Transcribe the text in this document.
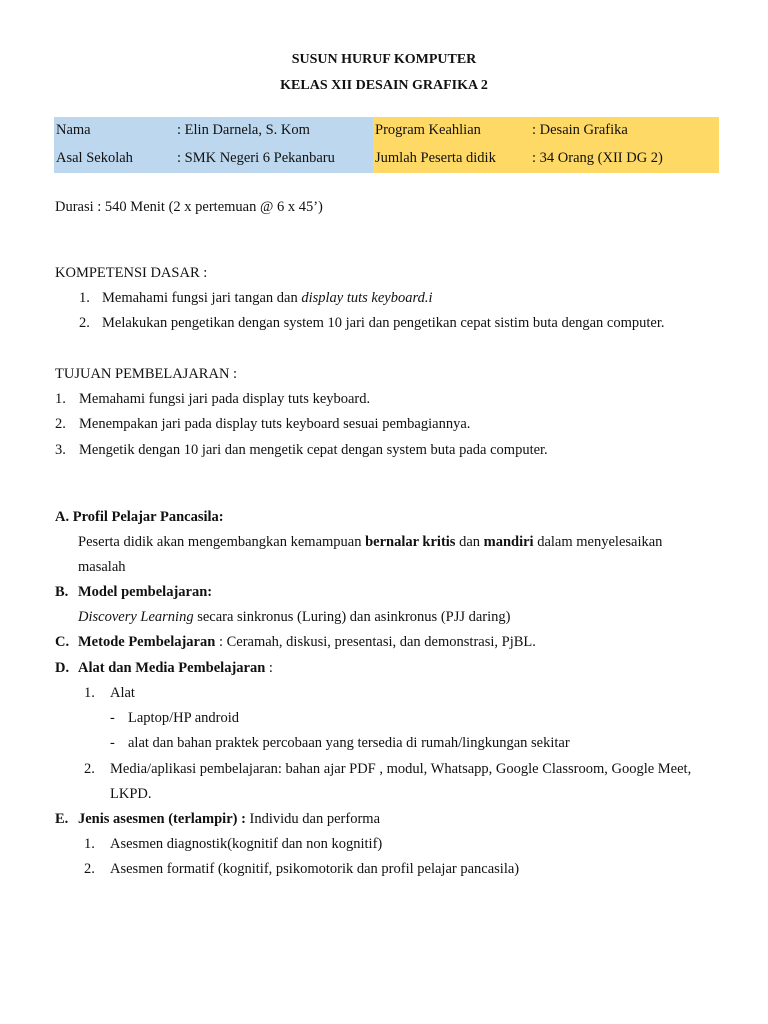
SUSUN HURUF KOMPUTER
KELAS XII DESAIN GRAFIKA 2
Nama	: Elin Darnela, S. Kom	Program Keahlian	: Desain Grafika
Asal Sekolah	: SMK Negeri 6 Pekanbaru	Jumlah Peserta didik	: 34 Orang (XII DG 2)
Durasi : 540 Menit (2 x pertemuan @ 6 x 45’)
KOMPETENSI DASAR :
1. Memahami fungsi jari tangan dan display tuts keyboard.i
2. Melakukan pengetikan dengan system 10 jari dan pengetikan cepat sistim buta dengan computer.
TUJUAN PEMBELAJARAN :
1. Memahami fungsi jari pada display tuts keyboard.
2. Menempakan jari pada display tuts keyboard sesuai pembagiannya.
3. Mengetik dengan 10 jari dan mengetik cepat dengan system buta pada computer.
A. Profil Pelajar Pancasila:
Peserta didik akan mengembangkan kemampuan bernalar kritis dan mandiri dalam menyelesaikan
masalah
B. Model pembelajaran:
Discovery Learning secara sinkronus (Luring) dan asinkronus (PJJ daring)
C. Metode Pembelajaran : Ceramah, diskusi, presentasi, dan demonstrasi, PjBL.
D. Alat dan Media Pembelajaran :
1. Alat
- Laptop/HP android
- alat dan bahan praktek percobaan yang tersedia di rumah/lingkungan sekitar
2. Media/aplikasi pembelajaran: bahan ajar PDF , modul, Whatsapp, Google Classroom, Google Meet,
LKPD.
E. Jenis asesmen (terlampir) : Individu dan performa
1. Asesmen diagnostik(kognitif dan non kognitif)
2. Asesmen formatif (kognitif, psikomotorik dan profil pelajar pancasila)
